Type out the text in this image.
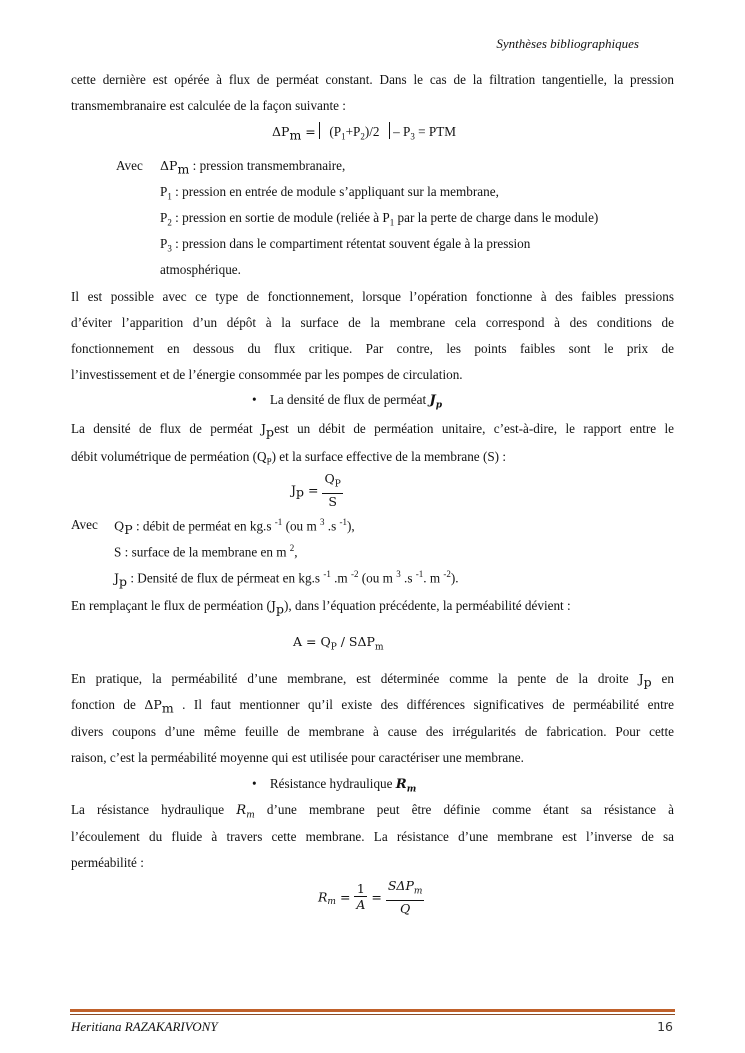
Synthèses bibliographiques
cette dernière est opérée à flux de perméat constant. Dans le cas de la filtration tangentielle, la pression
transmembranaire est calculée de la façon suivante :
$\Delta P_m = (P_1+P_2)/2 - P_3$ = PTM
Avec $\Delta P_m$ : pression transmembranaire,
$P_1$ : pression en entrée de module s’appliquant sur la membrane,
$P_2$ : pression en sortie de module (reliée à $P_1$ par la perte de charge dans le module)
$P_3$ : pression dans le compartiment rétentat souvent égale à la pression
atmosphérique.
Il est possible avec ce type de fonctionnement, lorsque l’opération fonctionne à des faibles pressions
d’éviter l’apparition d’un dépôt à la surface de la membrane cela correspond à des conditions de
fonctionnement en dessous du flux critique. Par contre, les points faibles sont le prix de
l’investissement et de l’énergie consommée par les pompes de circulation.
• La densité de flux de perméat $J_p$
La densité de flux de perméat $J_pest$ un débit de perméation unitaire, c’est-à-dire, le rapport entre le
débit volumétrique de perméation $(Q_P)$ et la surface effective de la membrane (S) :
$J_p = \frac{Q_P}{S}$
Avec $Q_P$ : débit de perméat en kg.s $^{-1}$ (ou m $^3$ .s $^{-1}$),
S : surface de la membrane en m $^2$,
$J_p$ : Densité de flux de pérmeat en kg.s $^{-1}$ .m $^{-2}$ (ou m $^3$ .s $^{-1}$. m $^{-2}$).
En remplaçant le flux de perméation $(J_p)$, dans l’équation précédente, la perméabilité dévient :
$A = Q_P / S\Delta P_m$
En pratique, la perméabilité d’une membrane, est déterminée comme la pente de la droite $J_p$ en
fonction de $\Delta P_m$ . Il faut mentionner qu’il existe des différences significatives de perméabilité entre
divers coupons d’une même feuille de membrane à cause des irrégularités de fabrication. Pour cette
raison, c’est la perméabilité moyenne qui est utilisée pour caractériser une membrane.
• Résistance hydraulique $R_m$
La résistance hydraulique $R_m$ d’une membrane peut être définie comme étant sa résistance à
l’écoulement du fluide à travers cette membrane. La résistance d’une membrane est l’inverse de sa
perméabilité :
$R_m = \frac{1}{A} = \frac{S\Delta P_m}{Q}$
Heritiana RAZAKARIVONY	16
